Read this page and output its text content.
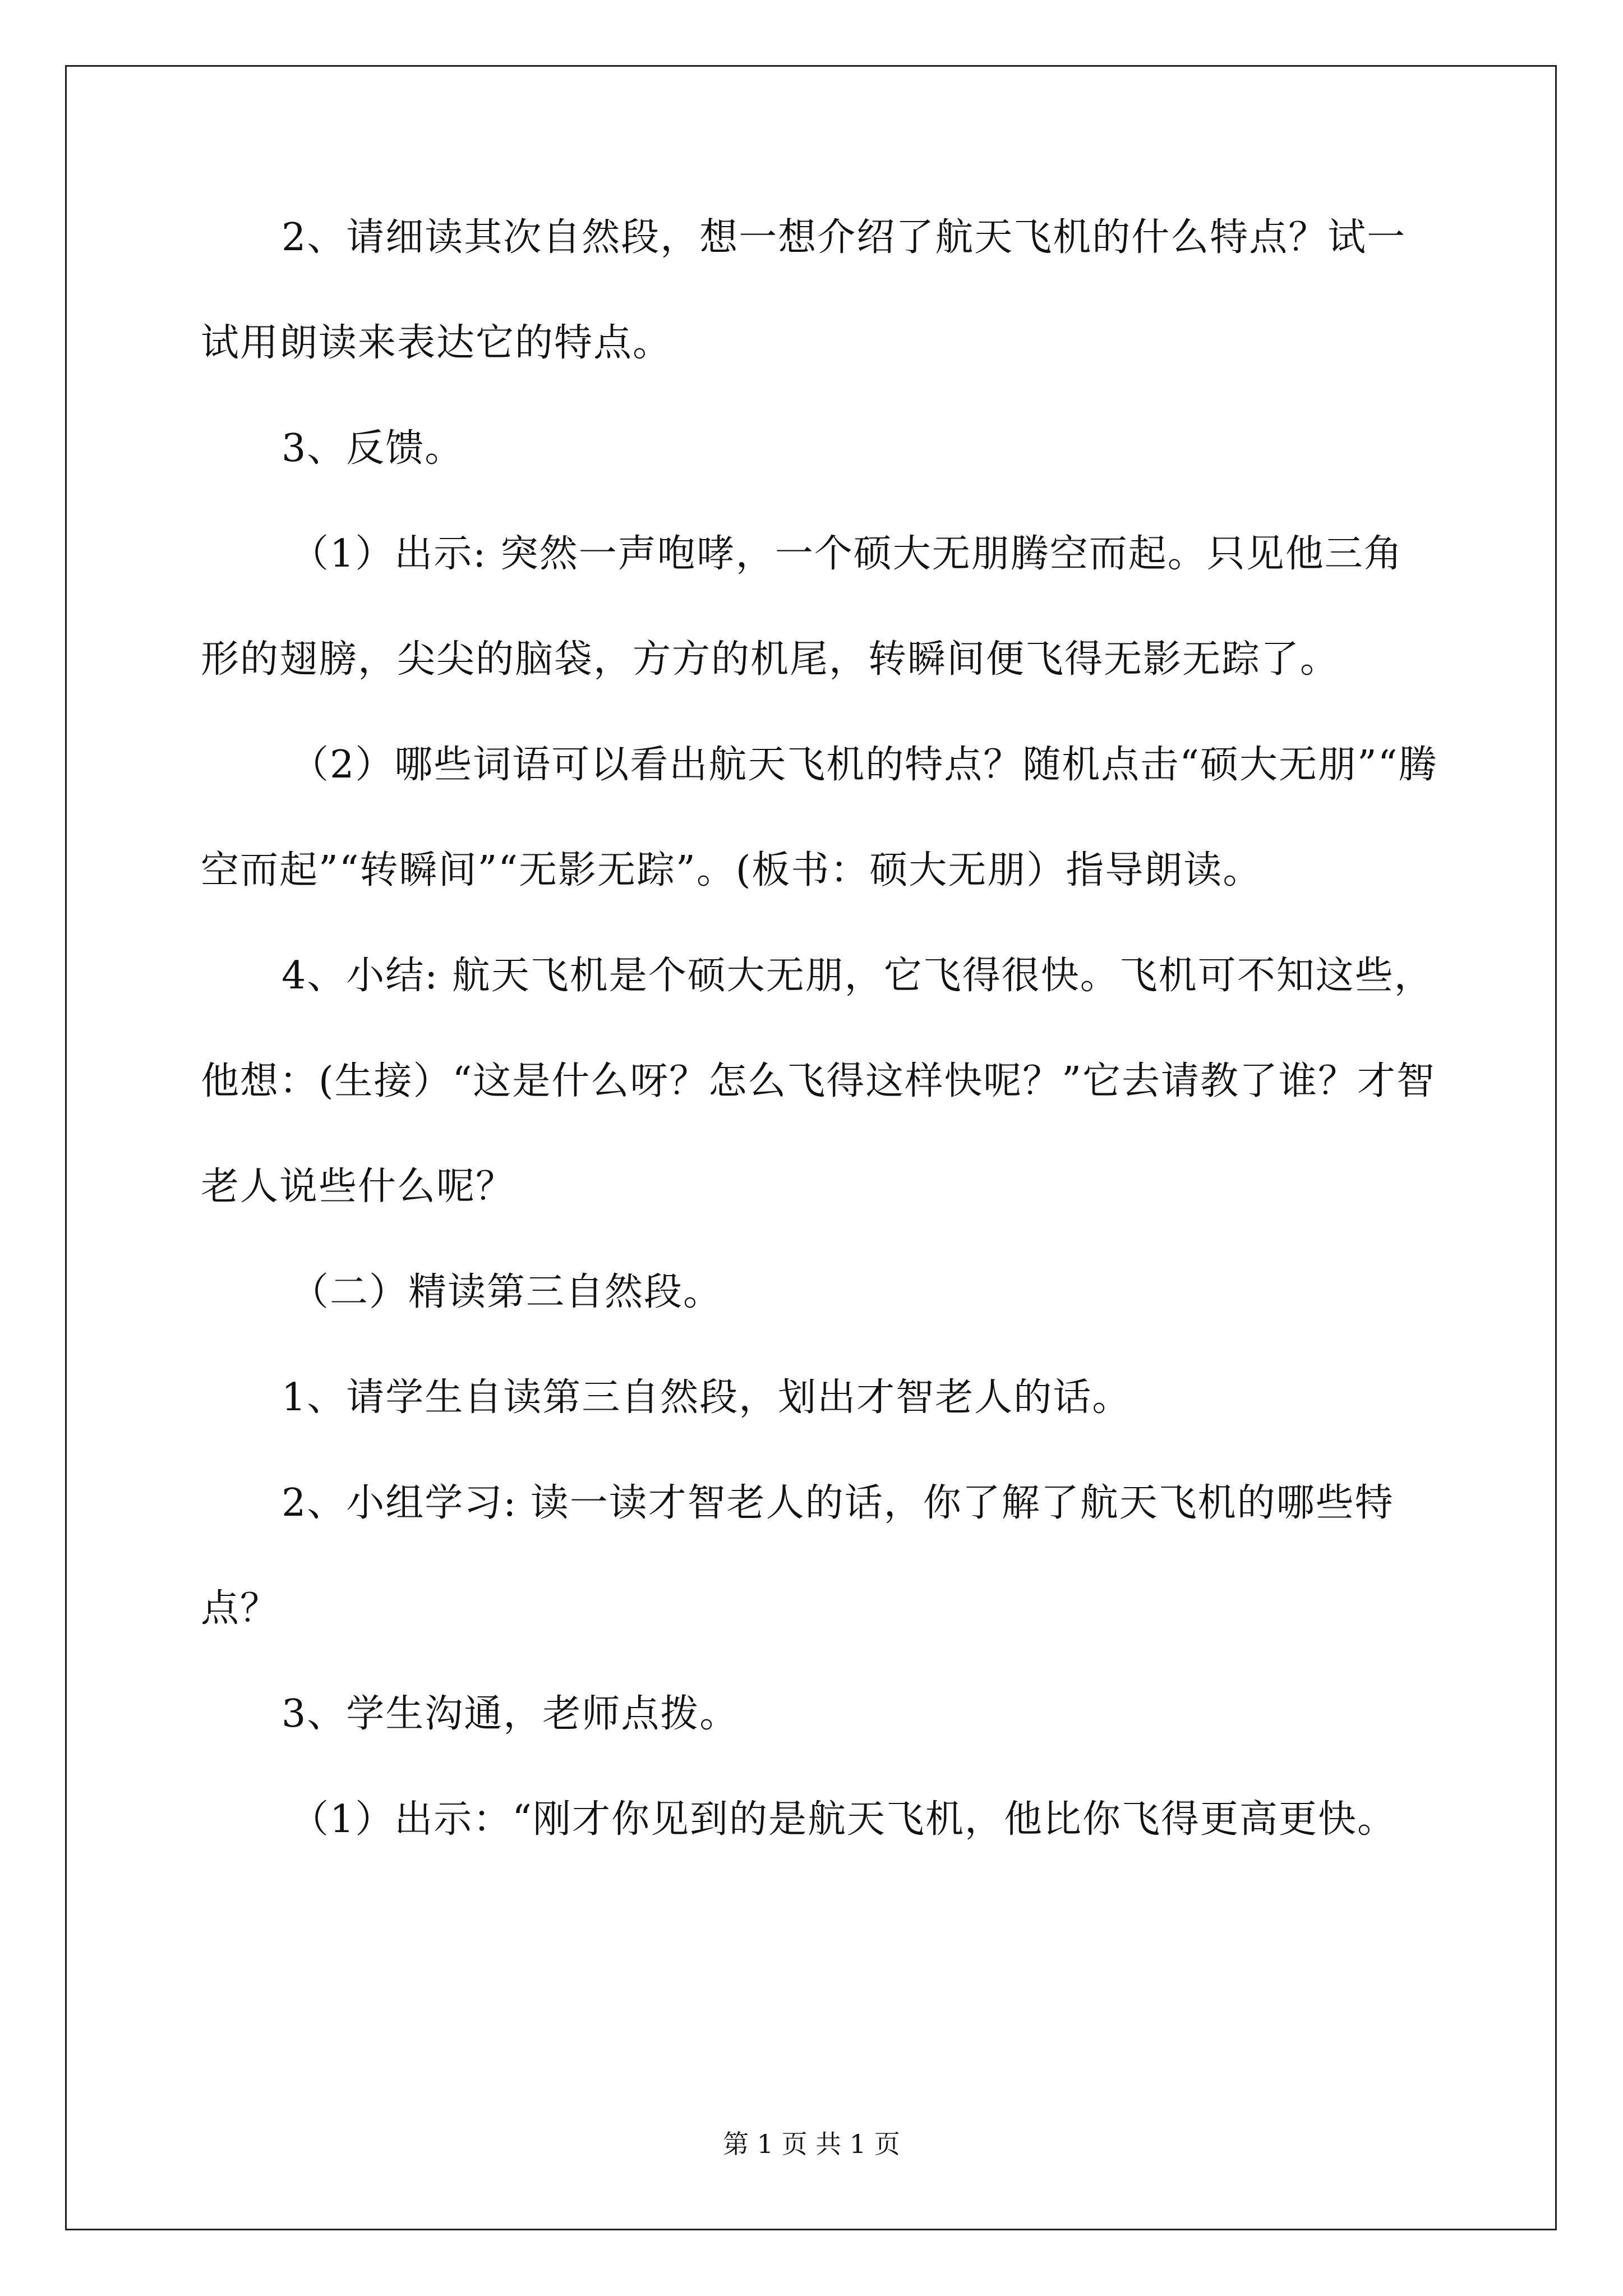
2、请细读其次自然段，想一想介绍了航天飞机的什么特点？试一试用朗读来表达它的特点。

3、反馈。

（1）出示: 突然一声咆哮，一个硕大无朋腾空而起。只见他三角形的翅膀，尖尖的脑袋，方方的机尾，转瞬间便飞得无影无踪了。

（2）哪些词语可以看出航天飞机的特点？随机点击“硕大无朋”“腾空而起”“转瞬间”“无影无踪”。(板书：硕大无朋）指导朗读。

4、小结: 航天飞机是个硕大无朋，它飞得很快。飞机可不知这些，他想：(生接）“这是什么呀？怎么飞得这样快呢？”它去请教了谁？才智老人说些什么呢？

（二）精读第三自然段。

1、请学生自读第三自然段，划出才智老人的话。

2、小组学习: 读一读才智老人的话，你了解了航天飞机的哪些特点？

3、学生沟通，老师点拨。

（1）出示：“刚才你见到的是航天飞机，他比你飞得更高更快。

第 1 页 共 1 页
